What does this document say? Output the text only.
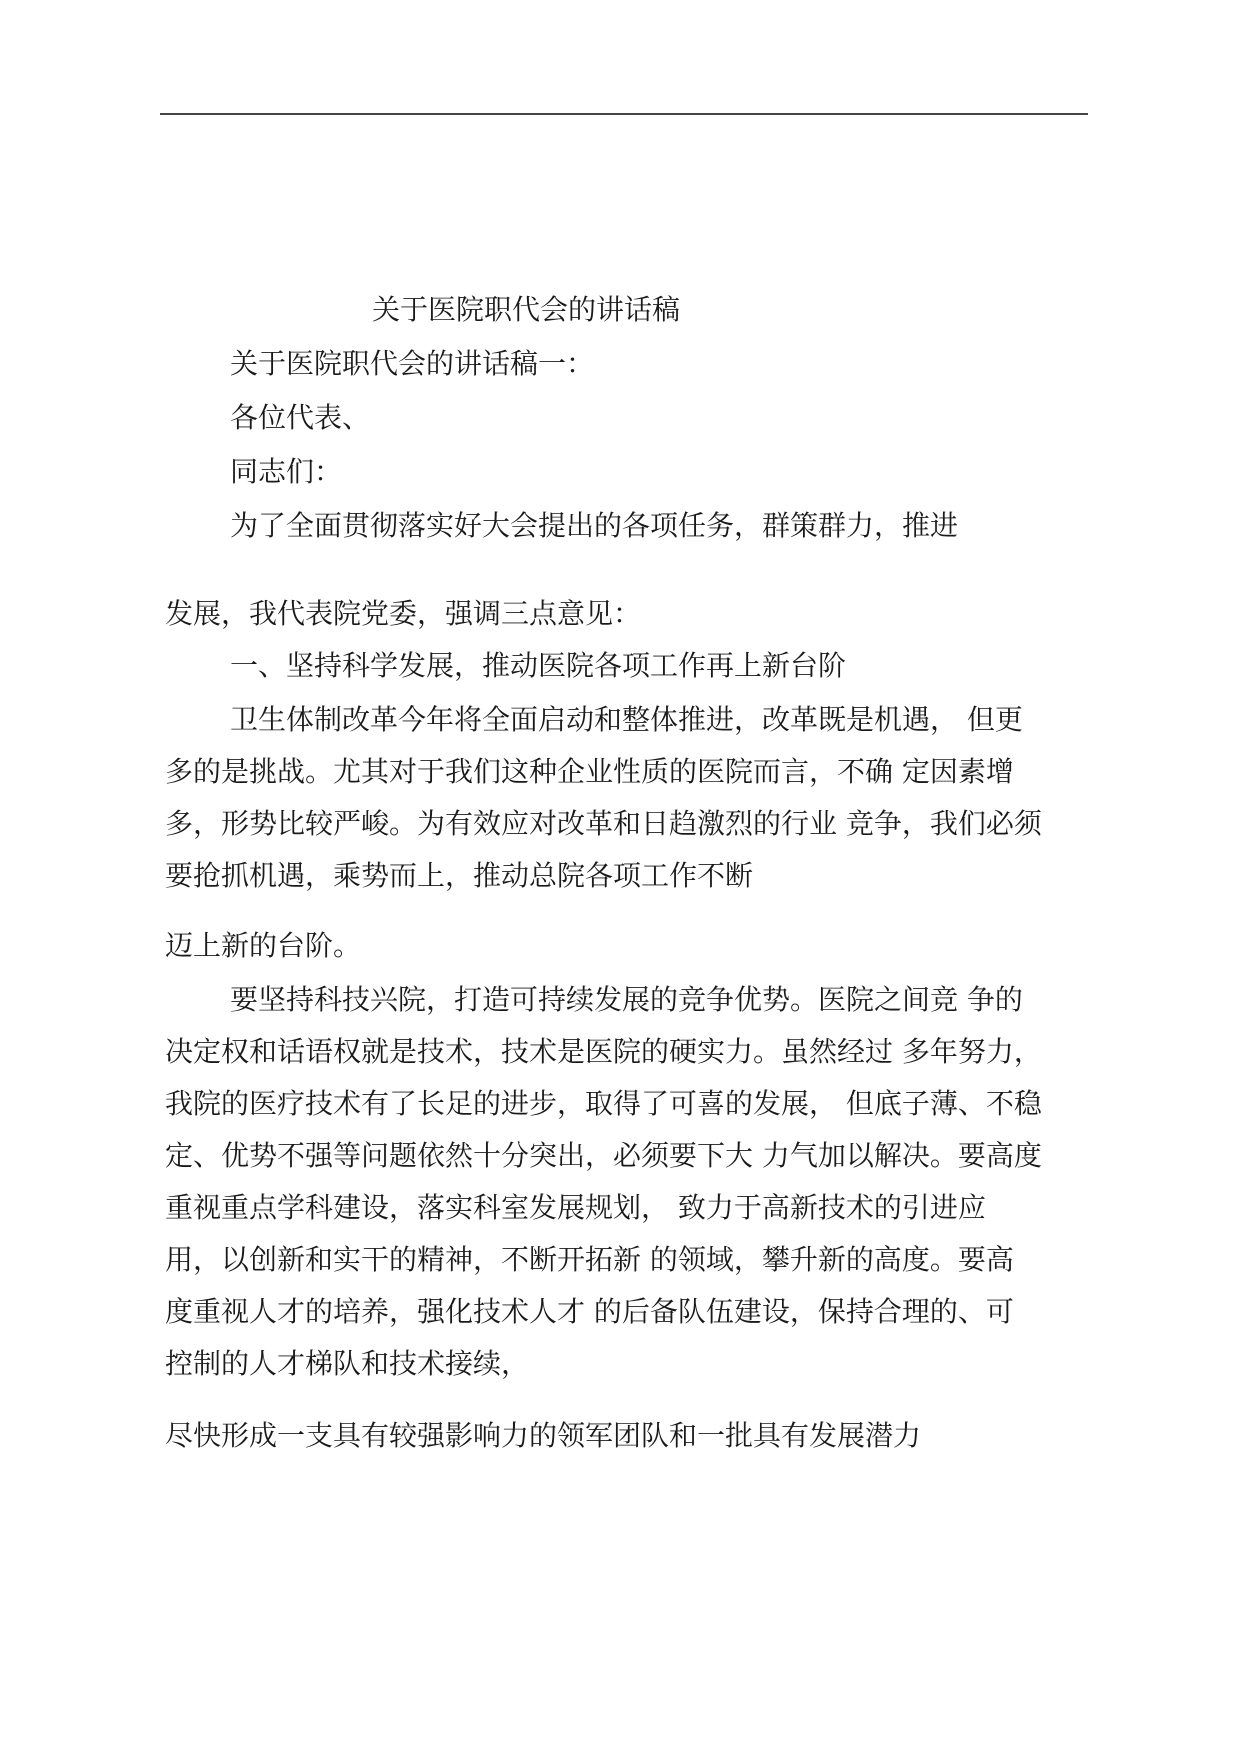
关于医院职代会的讲话稿
关于医院职代会的讲话稿一：
各位代表、
同志们：
为了全面贯彻落实好大会提出的各项任务，群策群力，推进
发展，我代表院党委，强调三点意见：
一、坚持科学发展，推动医院各项工作再上新台阶
卫生体制改革今年将全面启动和整体推进，改革既是机遇， 但更
多的是挑战。尤其对于我们这种企业性质的医院而言，不确 定因素增
多，形势比较严峻。为有效应对改革和日趋激烈的行业 竞争，我们必须
要抢抓机遇，乘势而上，推动总院各项工作不断
迈上新的台阶。
要坚持科技兴院，打造可持续发展的竞争优势。医院之间竞 争的
决定权和话语权就是技术，技术是医院的硬实力。虽然经过 多年努力，
我院的医疗技术有了长足的进步，取得了可喜的发展， 但底子薄、不稳
定、优势不强等问题依然十分突出，必须要下大 力气加以解决。要高度
重视重点学科建设，落实科室发展规划， 致力于高新技术的引进应
用，以创新和实干的精神，不断开拓新 的领域，攀升新的高度。要高
度重视人才的培养，强化技术人才 的后备队伍建设，保持合理的、可
控制的人才梯队和技术接续，
尽快形成一支具有较强影响力的领军团队和一批具有发展潜力
